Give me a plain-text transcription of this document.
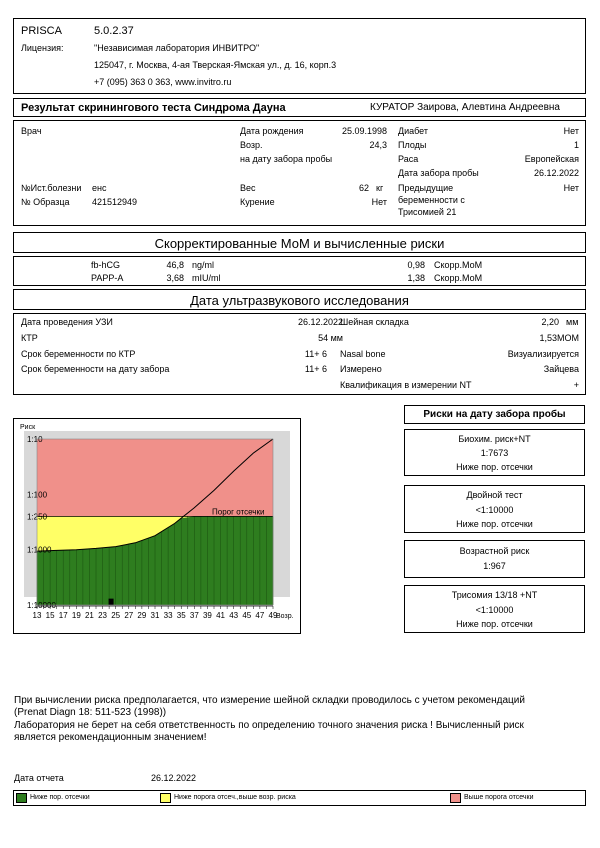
PRISCA	5.0.2.37
Лицензия:	"Независимая лаборатория ИНВИТРО"
125047, г. Москва, 4-ая Тверская-Ямская ул., д. 16, корп.3
+7 (095) 363 0 363, www.invitro.ru
Результат скринингового теста Синдрома Дауна	КУРАТОР Заирова, Алевтина Андреевна
Врач	Дата рождения	25.09.1998
Возр.	24,3
на дату забора пробы
Диабет	Нет
Плоды	1
Раса	Европейская
Дата забора пробы	26.12.2022
№Ист.болезни енс
№ Образца 421512949
Вес	62 кг
Курение	Нет
Предыдущие
беременности с
Трисомией 21
Нет
Скорректированные МоМ и вычисленные риски
fb-hCG	46,8 ng/ml	0,98 Скорр.МоМ
PAPP-A	3,68 mIU/ml	1,38 Скорр.МоМ
Дата ультразвукового исследования
Дата проведения УЗИ	26.12.2022
КТР	54 мм
Срок беременности по КТР	11+ 6
Срок беременности на дату забора	11+ 6
Шейная складка	2,20 мм
1,53МОМ
Nasal bone	Визуализируется
Измерено	Зайцева
Квалификация в измерении NT	+
Порог отсечки
1:10
1:100
1:250
1:1000
1:10000
13 15 17 19 21 23 25 27 29 31 33 35 37 39 41 43 45 47 49
Возр.
Риск
Риски на дату забора пробы
Биохим. риск+NT
1:7673
Ниже пор. отсечки
Двойной тест
<1:10000
Ниже пор. отсечки
Возрастной риск
1:967
Трисомия 13/18 +NT
<1:10000
Ниже пор. отсечки
При вычислении риска предполагается, что измерение шейной складки проводилось с учетом рекомендаций
(Prenat Diagn 18: 511-523 (1998))
Лаборатория не берет на себя ответственность по определению точного значения риска ! Вычисленный риск
является рекомендационным значением!
Дата отчета	26.12.2022
Ниже пор. отсечки	Ниже порога отсеч.,выше возр. риска	Выше порога отсечки
